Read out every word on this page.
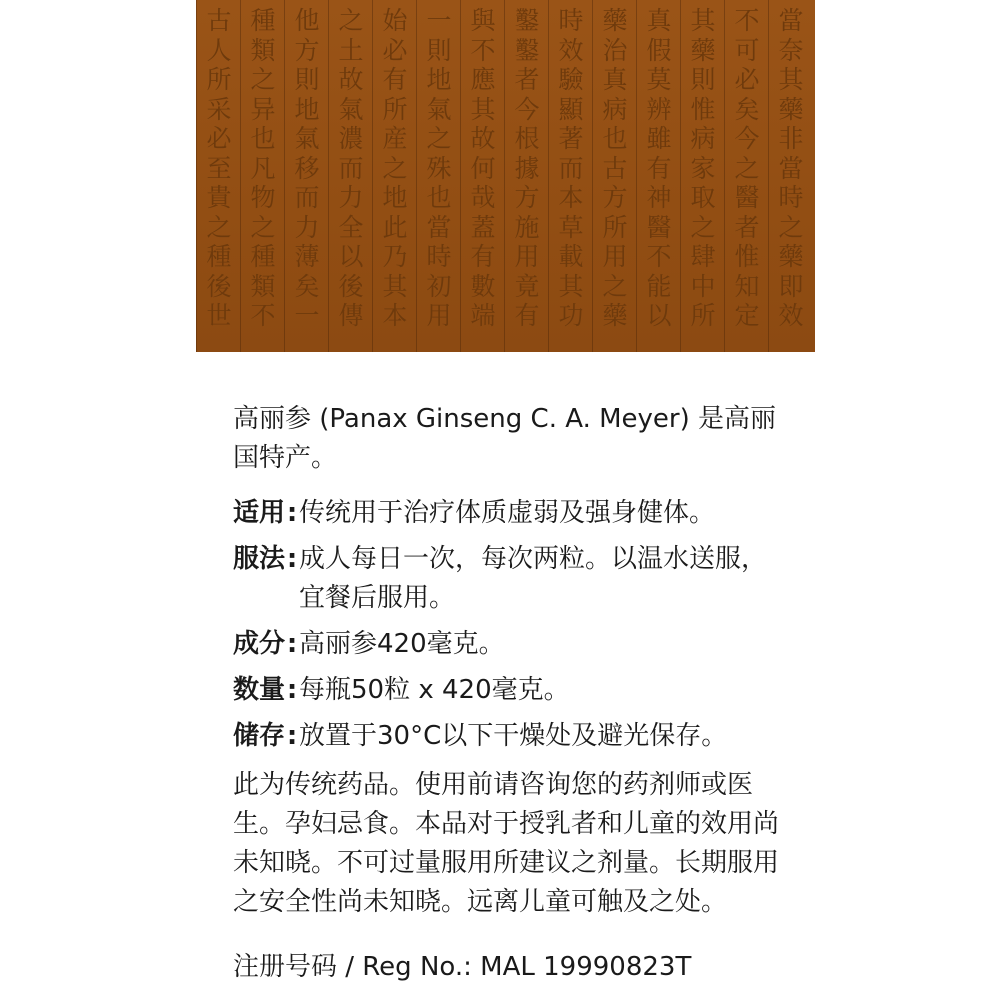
古
人
所
采
必
至
貴
之
種
後
世
種
類
之
异
也
凡
物
之
種
類
不
他
方
則
地
氣
移
而
力
薄
矣
一
之
土
故
氣
濃
而
力
全
以
後
傳
始
必
有
所
産
之
地
此
乃
其
本
一
則
地
氣
之
殊
也
當
時
初
用
與
不
應
其
故
何
哉
蓋
有
數
端
鑿
鑿
者
今
根
據
方
施
用
竟
有
時
效
驗
顯
著
而
本
草
載
其
功
藥
治
真
病
也
古
方
所
用
之
藥
真
假
莫
辨
雖
有
神
醫
不
能
以
其
藥
則
惟
病
家
取
之
肆
中
所
不
可
必
矣
今
之
醫
者
惟
知
定
當
奈
其
藥
非
當
時
之
藥
即
效

高丽参 (Panax Ginseng C. A. Meyer) 是高丽国特产。

适用 : 传统用于治疗体质虚弱及强身健体。
服法 : 成人每日一次，每次两粒。以温水送服，宜餐后服用。
成分 : 高丽参420毫克。
数量 : 每瓶50粒 x 420毫克。
储存 : 放置于30°C以下干燥处及避光保存。

此为传统药品。使用前请咨询您的药剂师或医生。孕妇忌食。本品对于授乳者和儿童的效用尚未知晓。不可过量服用所建议之剂量。长期服用之安全性尚未知晓。远离儿童可触及之处。

注册号码 / Reg No.: MAL 19990823T
